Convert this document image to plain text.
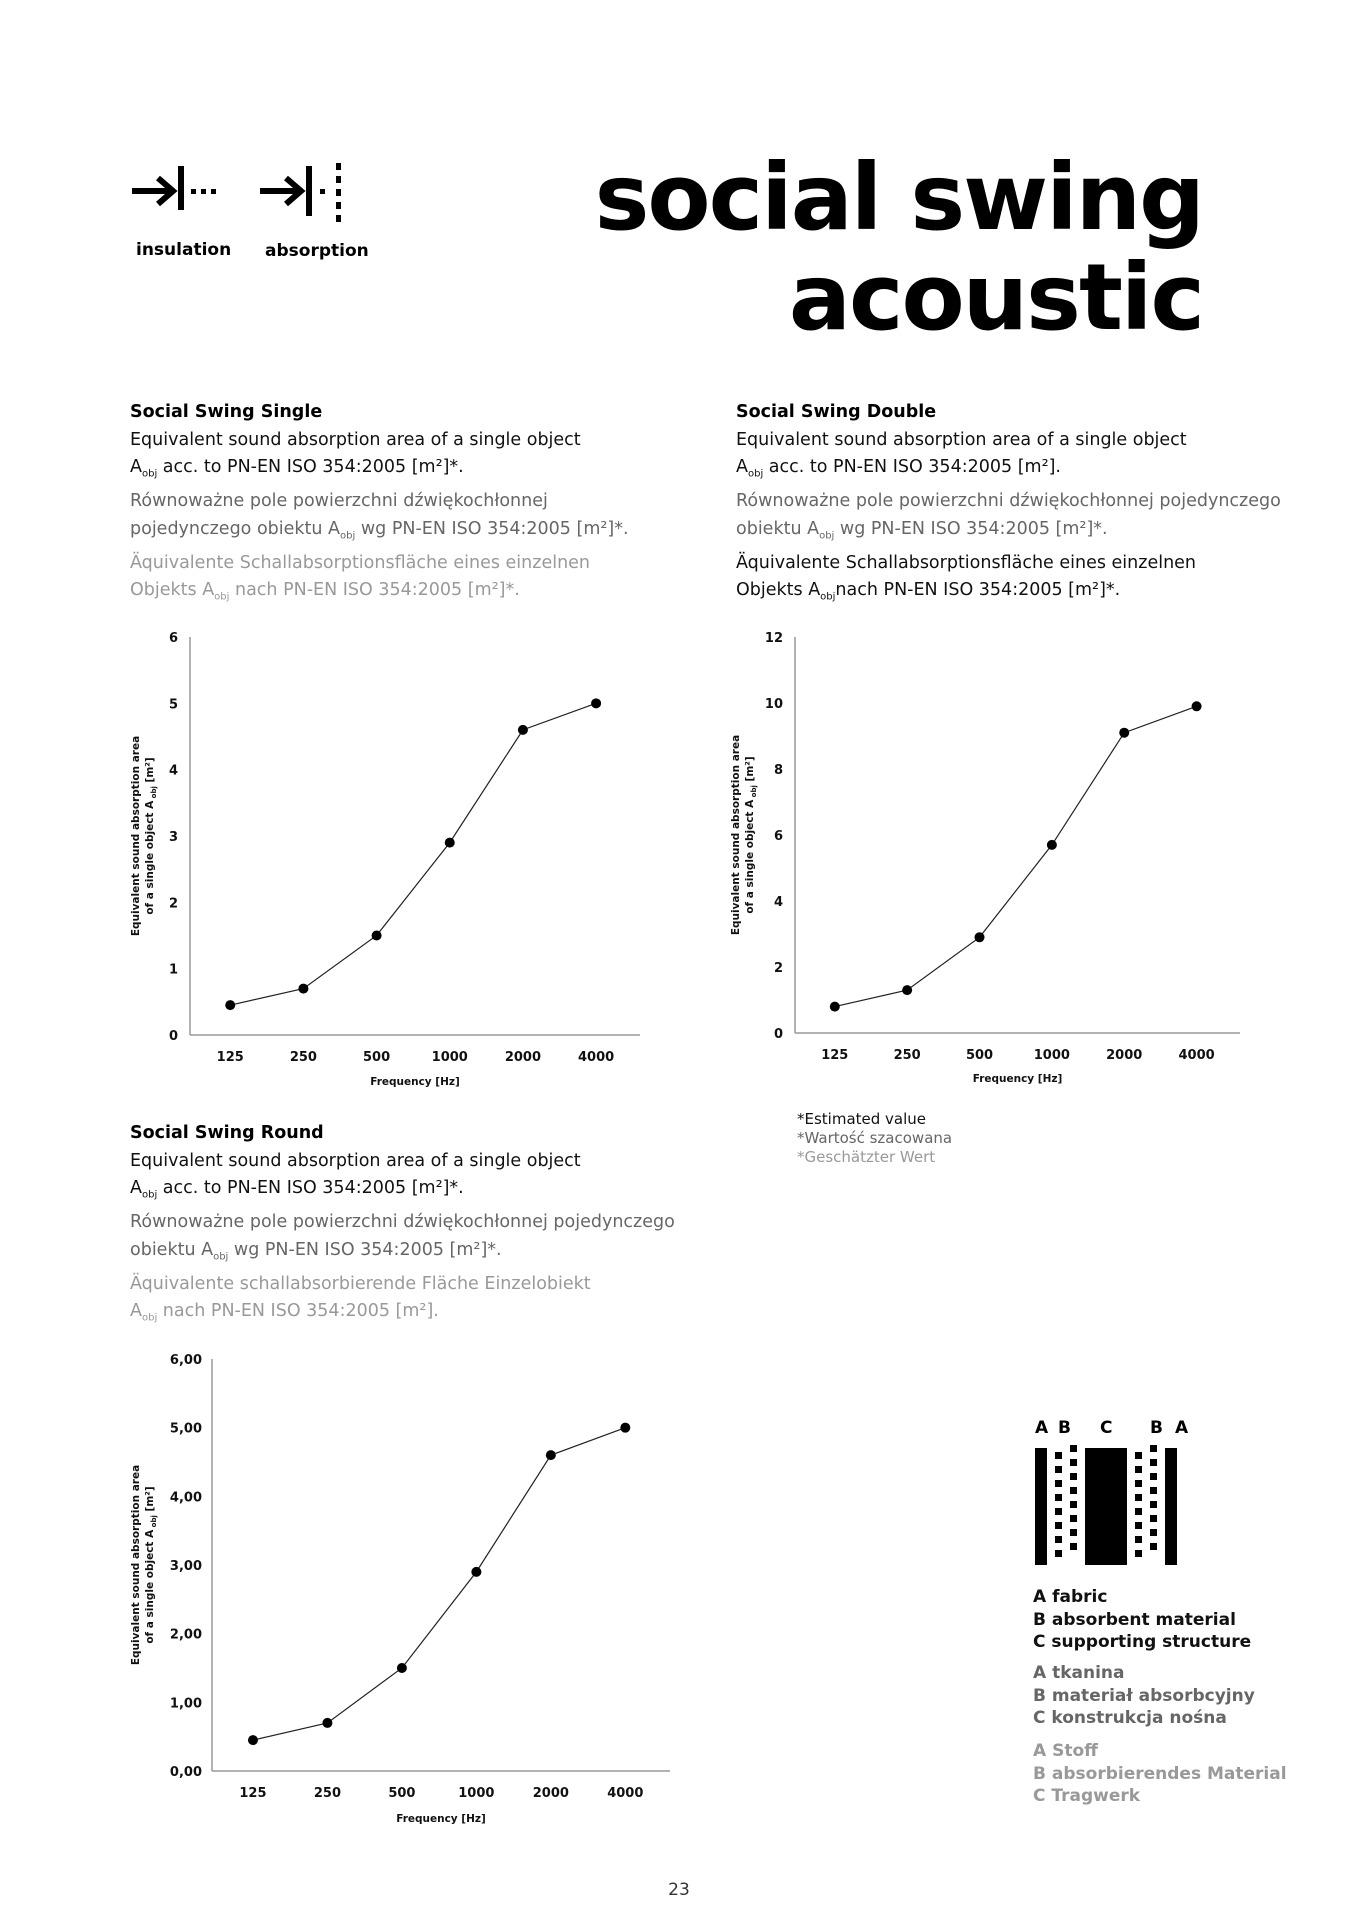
insulation absorption social swing
acoustic
Social Swing Single
Equivalent sound absorption area of a single object
$A_{obj}$ acc. to PN-EN ISO 354:2005 [m²]*.
Równoważne pole powierzchni dźwiękochłonnej
pojedynczego obiektu $A_{obj}$ wg PN-EN ISO 354:2005 [m²]*.
Äquivalente Schallabsorptionsfläche eines einzelnen
Objekts $A_{obj}$ nach PN-EN ISO 354:2005 [m²]*.
Social Swing Double
Equivalent sound absorption area of a single object
$A_{obj}$ acc. to PN-EN ISO 354:2005 [m²].
Równoważne pole powierzchni dźwiękochłonnej pojedynczego
obiektu $A_{obj}$ wg PN-EN ISO 354:2005 [m²]*.
Äquivalente Schallabsorptionsfläche eines einzelnen
Objekts $A_{obj}nach$ PN-EN ISO 354:2005 [m²]*.
Social Swing Round
Equivalent sound absorption area of a single object
$A_{obj}$ acc. to PN-EN ISO 354:2005 [m²]*.
Równoważne pole powierzchni dźwiękochłonnej pojedynczego
obiektu $A_{obj}$ wg PN-EN ISO 354:2005 [m²]*.
Äquivalente schallabsorbierende Fläche Einzelobiekt
$A_{obj}$ nach PN-EN ISO 354:2005 [m²].
0
1
2
3
4
5
6
125	250	500	1000	2000	4000
Frequency [Hz]
Equivalent sound absorption area of a single object A $_{obj}$ [m²]
0
2
4
6
8
10
12
125	250	500	1000	2000	4000
Frequency [Hz]
Equivalent sound absorption area of a single object A $_{obj}$ [m²]
0,00
1,00
2,00
3,00
4,00
5,00
6,00
125	250	500	1000	2000	4000
Frequency [Hz]
Equivalent sound absorption area of a single object A $_{obj}$ [m²]
*Estimated value
*Wartość szacowana
*Geschätzter Wert
A B C B A
A fabric
B absorbent material
C supporting structure
A tkanina
B materiał absorbcyjny
C konstrukcja nośna
A Stoff
B absorbierendes Material
C Tragwerk
23
